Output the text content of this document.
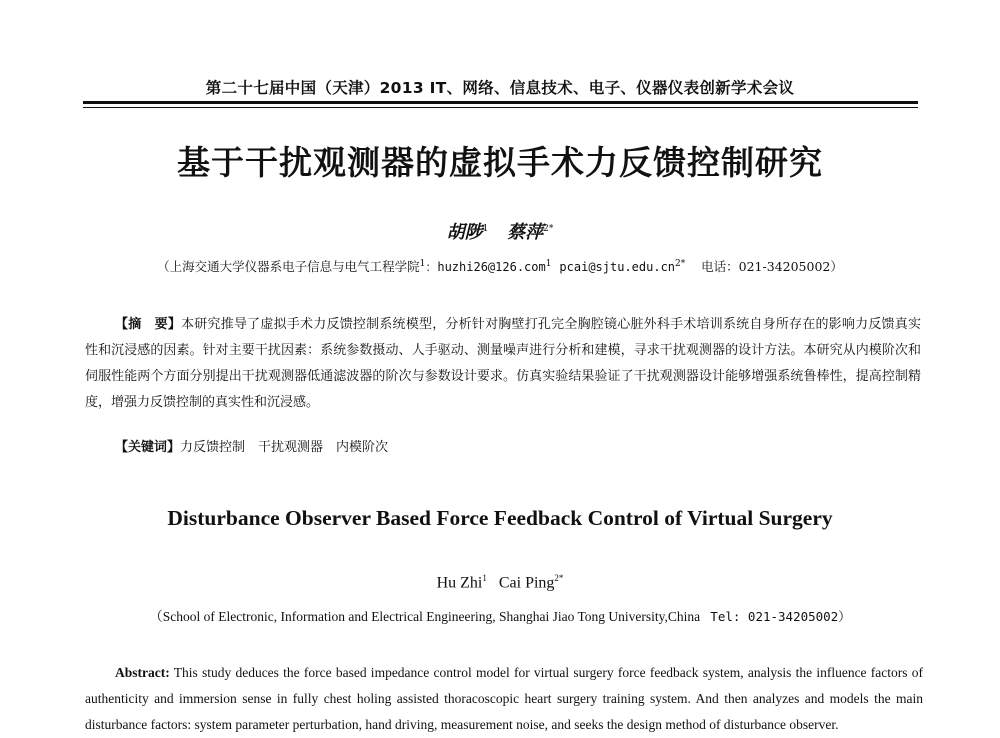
第二十七届中国（天津）2013 IT、网络、信息技术、电子、仪器仪表创新学术会议
基于干扰观测器的虚拟手术力反馈控制研究
胡陟$^1$ 蔡萍$^{2*}$
（上海交通大学仪器系电子信息与电气工程学院$^1$：huzhi26@126.com$^1$ $pcai@sjtu.edu.cn^{2*}$ 电话：021-34205002）

【摘　要】本研究推导了虚拟手术力反馈控制系统模型，分析针对胸壁打孔完全胸腔镜心脏外科手术培训系统自身所存在的影响力反馈真实性和沉浸感的因素。针对主要干扰因素：系统参数摄动、人手驱动、测量噪声进行分析和建模，寻求干扰观测器的设计方法。本研究从内模阶次和伺服性能两个方面分别提出干扰观测器低通滤波器的阶次与参数设计要求。仿真实验结果验证了干扰观测器设计能够增强系统鲁棒性，提高控制精度，增强力反馈控制的真实性和沉浸感。

【关键词】力反馈控制　干扰观测器　内模阶次
Disturbance Observer Based Force Feedback Control of Virtual Surgery
Hu Zhi$^1$ Cai Ping$^{2*}$
（School of Electronic, Information and Electrical Engineering, Shanghai Jiao Tong University,China Tel: 021-34205002）

Abstract: This study deduces the force based impedance control model for virtual surgery force feedback system, analysis the influence factors of authenticity and immersion sense in fully chest holing assisted thoracoscopic heart surgery training system. And then analyzes and models the main disturbance factors: system parameter perturbation, hand driving, measurement noise, and seeks the design method of disturbance observer.
